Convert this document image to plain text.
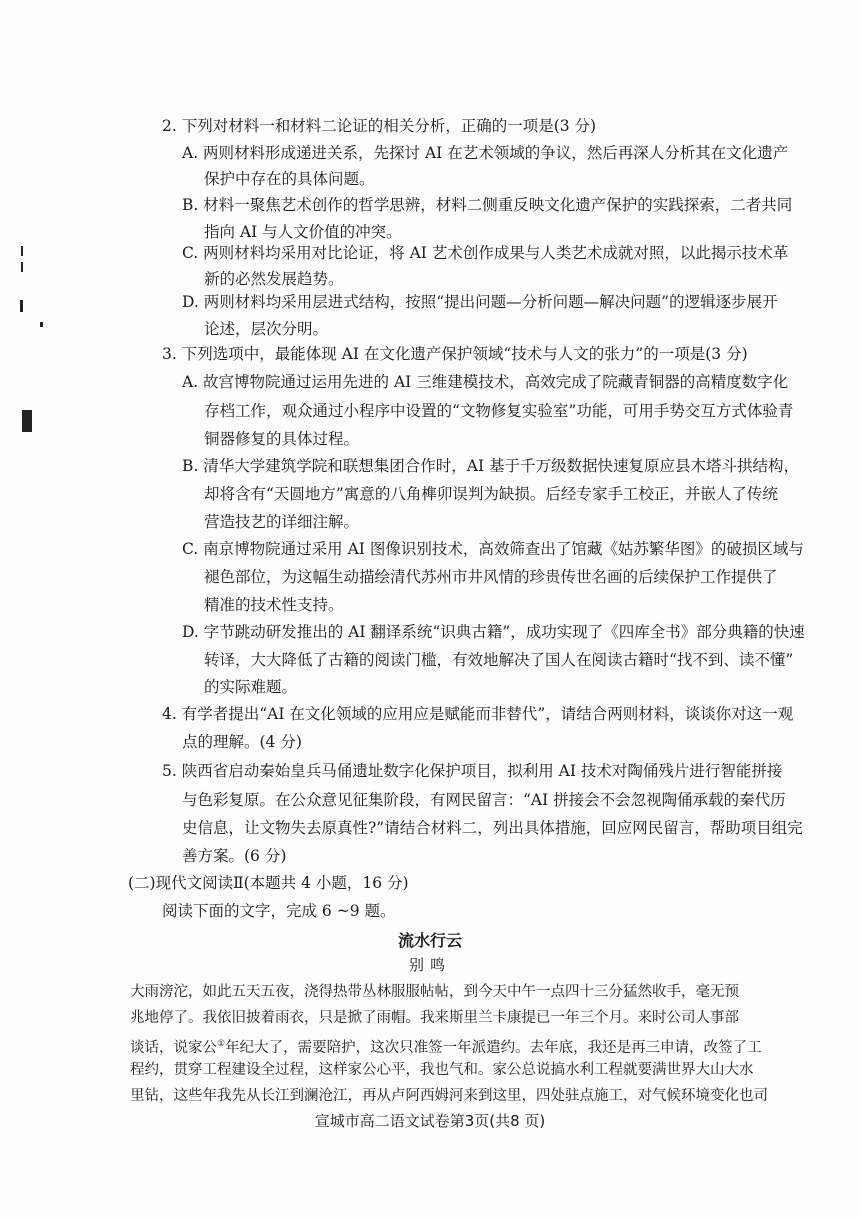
2. 下列对材料一和材料二论证的相关分析，正确的一项是(3 分)
A. 两则材料形成递进关系，先探讨 AI 在艺术领域的争议，然后再深人分析其在文化遗产
保护中存在的具体问题。
B. 材料一聚焦艺术创作的哲学思辨，材料二侧重反映文化遗产保护的实践探索，二者共同
指向 AI 与人文价值的冲突。
C. 两则材料均采用对比论证，将 AI 艺术创作成果与人类艺术成就对照，以此揭示技术革
新的必然发展趋势。
D. 两则材料均采用层进式结构，按照“提出问题—分析问题—解决问题”的逻辑逐步展开
论述，层次分明。
3. 下列选项中，最能体现 AI 在文化遗产保护领域“技术与人文的张力”的一项是(3 分)
A. 故宫博物院通过运用先进的 AI 三维建模技术，高效完成了院藏青铜器的高精度数字化
存档工作，观众通过小程序中设置的“文物修复实验室”功能，可用手势交互方式体验青
铜器修复的具体过程。
B. 清华大学建筑学院和联想集团合作时，AI 基于千万级数据快速复原应县木塔斗拱结构，
却将含有“天圆地方”寓意的八角榫卯误判为缺损。后经专家手工校正，并嵌人了传统
营造技艺的详细注解。
C. 南京博物院通过采用 AI 图像识别技术，高效筛查出了馆藏《姑苏繁华图》的破损区域与
褪色部位，为这幅生动描绘清代苏州市井风情的珍贵传世名画的后续保护工作提供了
精准的技术性支持。
D. 字节跳动研发推出的 AI 翻译系统“识典古籍”，成功实现了《四库全书》部分典籍的快速
转译，大大降低了古籍的阅读门槛，有效地解决了国人在阅读古籍时“找不到、读不懂”
的实际难题。
4. 有学者提出“AI 在文化领域的应用应是赋能而非替代”，请结合两则材料，谈谈你对这一观
点的理解。(4 分)
5. 陕西省启动秦始皇兵马俑遗址数字化保护项目，拟利用 AI 技术对陶俑残片进行智能拼接
与色彩复原。在公众意见征集阶段，有网民留言：“AI 拼接会不会忽视陶俑承载的秦代历
史信息，让文物失去原真性?”请结合材料二，列出具体措施，回应网民留言，帮助项目组完
善方案。(6 分)
(二)现代文阅读Ⅱ(本题共 4 小题，16 分)
阅读下面的文字，完成 6 ~9 题。
流水行云
别鸣
大雨滂沱，如此五天五夜，浇得热带丛林服服帖帖，到今天中午一点四十三分猛然收手，毫无预
兆地停了。我依旧披着雨衣，只是掀了雨帽。我来斯里兰卡康提已一年三个月。来时公司人事部
谈话，说家公①年纪大了，需要陪护，这次只准签一年派遣约。去年底，我还是再三申请，改签了工
程约，贯穿工程建设全过程，这样家公心平，我也气和。家公总说搞水利工程就要满世界大山大水
里钻，这些年我先从长江到澜沧江，再从卢阿西姆河来到这里，四处驻点施工，对气候环境变化也司
宣城市高二语文试卷第3页(共8 页)
